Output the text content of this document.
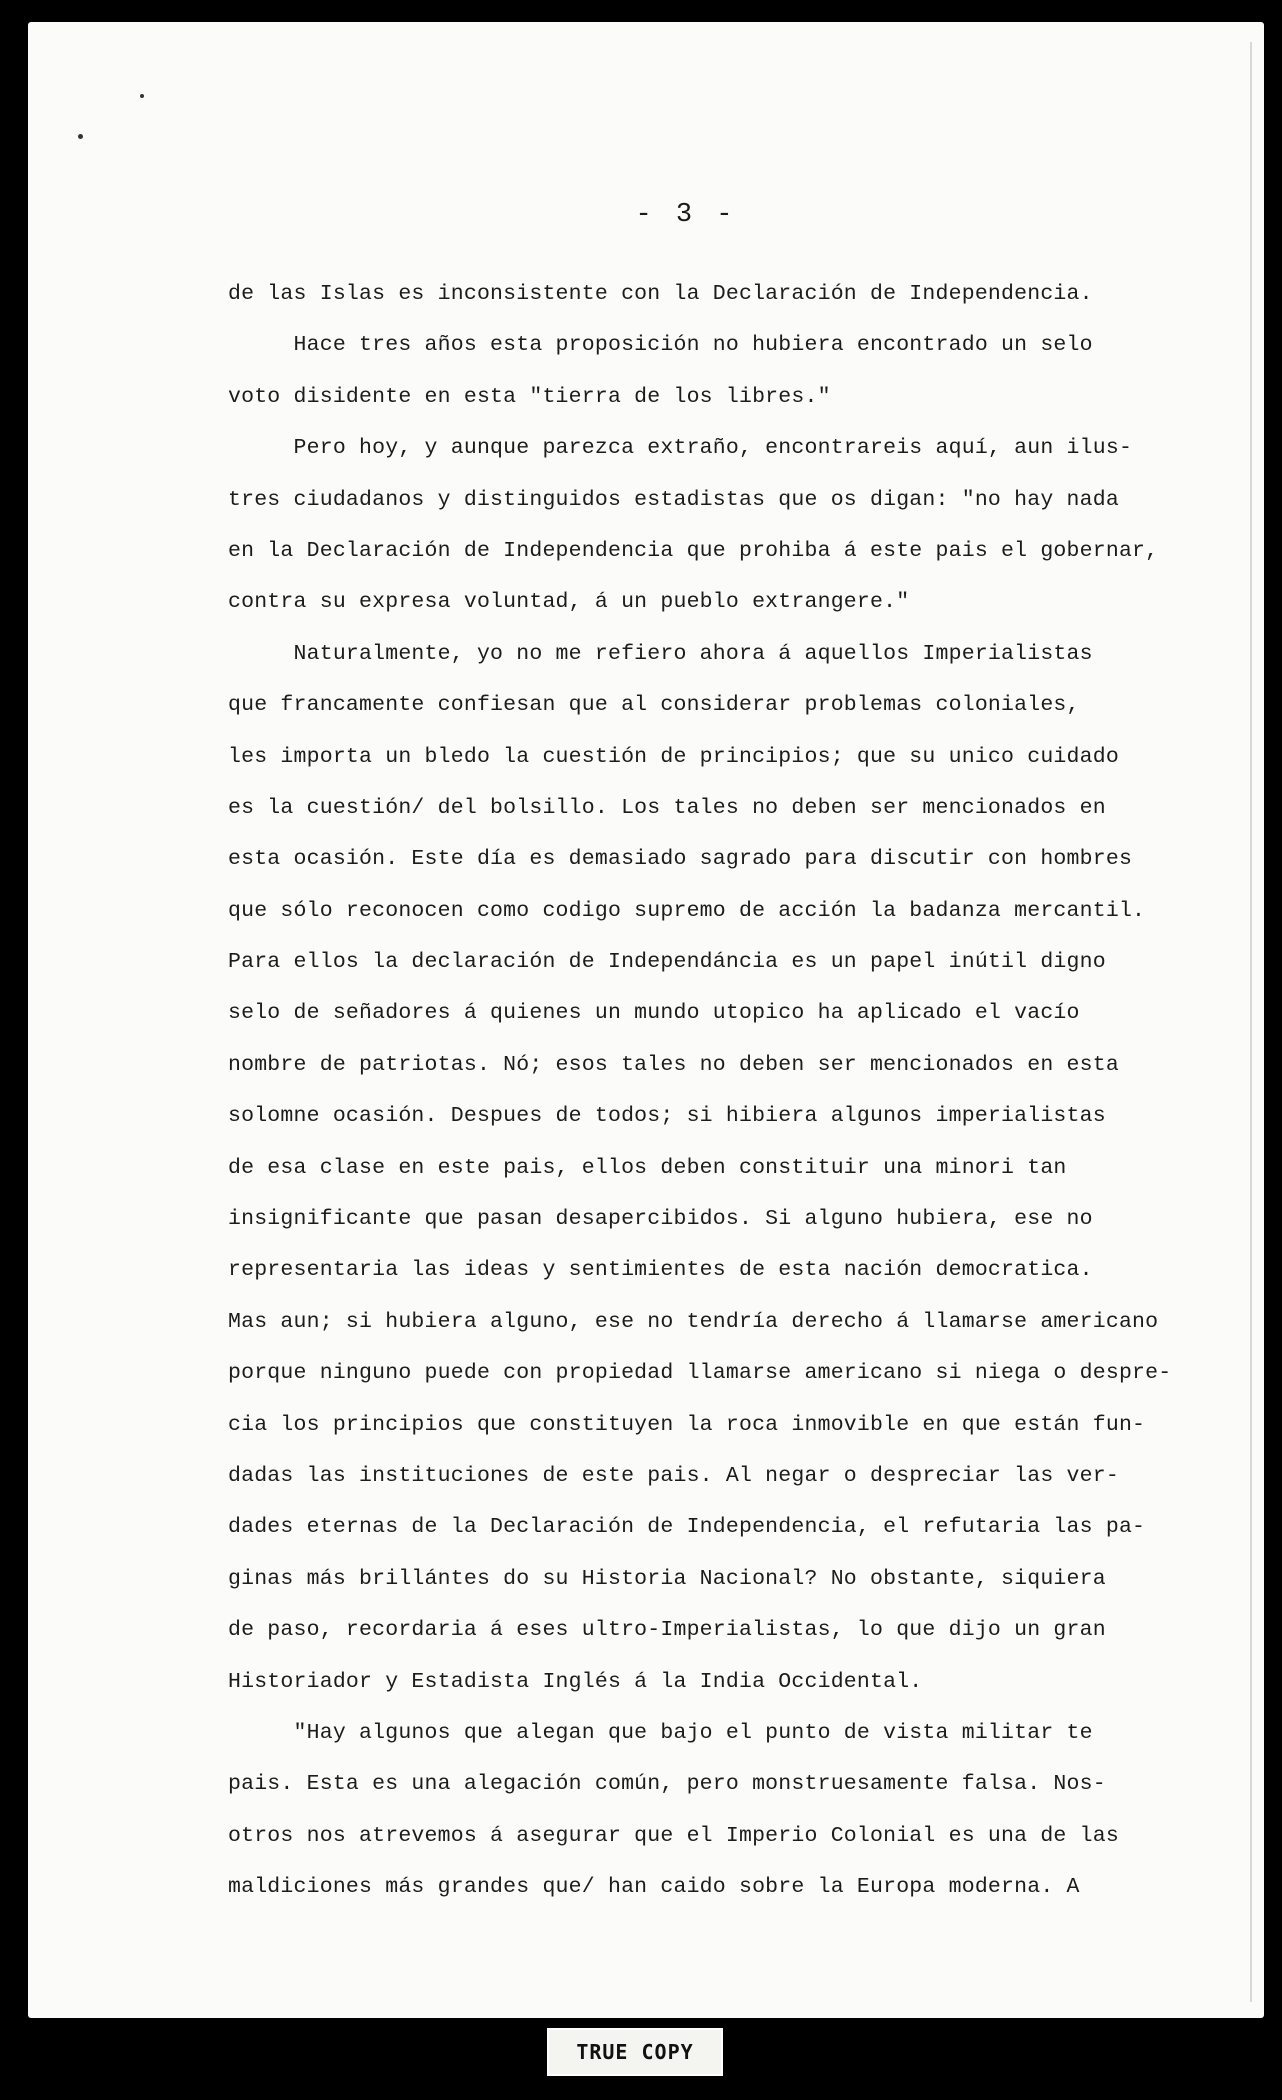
- 3 -
de las Islas es inconsistente con la Declaración de Independencia.
Hace tres años esta proposición no hubiera encontrado un selo
voto disidente en esta "tierra de los libres."
Pero hoy, y aunque parezca extraño, encontrareis aquí, aun ilus-
tres ciudadanos y distinguidos estadistas que os digan: "no hay nada
en la Declaración de Independencia que prohiba á este pais el gobernar,
contra su expresa voluntad, á un pueblo extrangere."
Naturalmente, yo no me refiero ahora á aquellos Imperialistas
que francamente confiesan que al considerar problemas coloniales,
les importa un bledo la cuestión de principios; que su unico cuidado
es la cuestión/ del bolsillo. Los tales no deben ser mencionados en
esta ocasión. Este día es demasiado sagrado para discutir con hombres
que sólo reconocen como codigo supremo de acción la badanza mercantil.
Para ellos la declaración de Independáncia es un papel inútil digno
selo de señadores á quienes un mundo utopico ha aplicado el vacío
nombre de patriotas. Nó; esos tales no deben ser mencionados en esta
solomne ocasión. Despues de todos; si hibiera algunos imperialistas
de esa clase en este pais, ellos deben constituir una minori tan
insignificante que pasan desapercibidos. Si alguno hubiera, ese no
representaria las ideas y sentimientes de esta nación democratica.
Mas aun; si hubiera alguno, ese no tendría derecho á llamarse americano
porque ninguno puede con propiedad llamarse americano si niega o despre-
cia los principios que constituyen la roca inmovible en que están fun-
dadas las instituciones de este pais. Al negar o despreciar las ver-
dades eternas de la Declaración de Independencia, el refutaria las pa-
ginas más brillántes do su Historia Nacional? No obstante, siquiera
de paso, recordaria á eses ultro-Imperialistas, lo que dijo un gran
Historiador y Estadista Inglés á la India Occidental.
"Hay algunos que alegan que bajo el punto de vista militar te
pais. Esta es una alegación común, pero monstruesamente falsa. Nos-
otros nos atrevemos á asegurar que el Imperio Colonial es una de las
maldiciones más grandes que/ han caido sobre la Europa moderna. A
TRUE COPY
